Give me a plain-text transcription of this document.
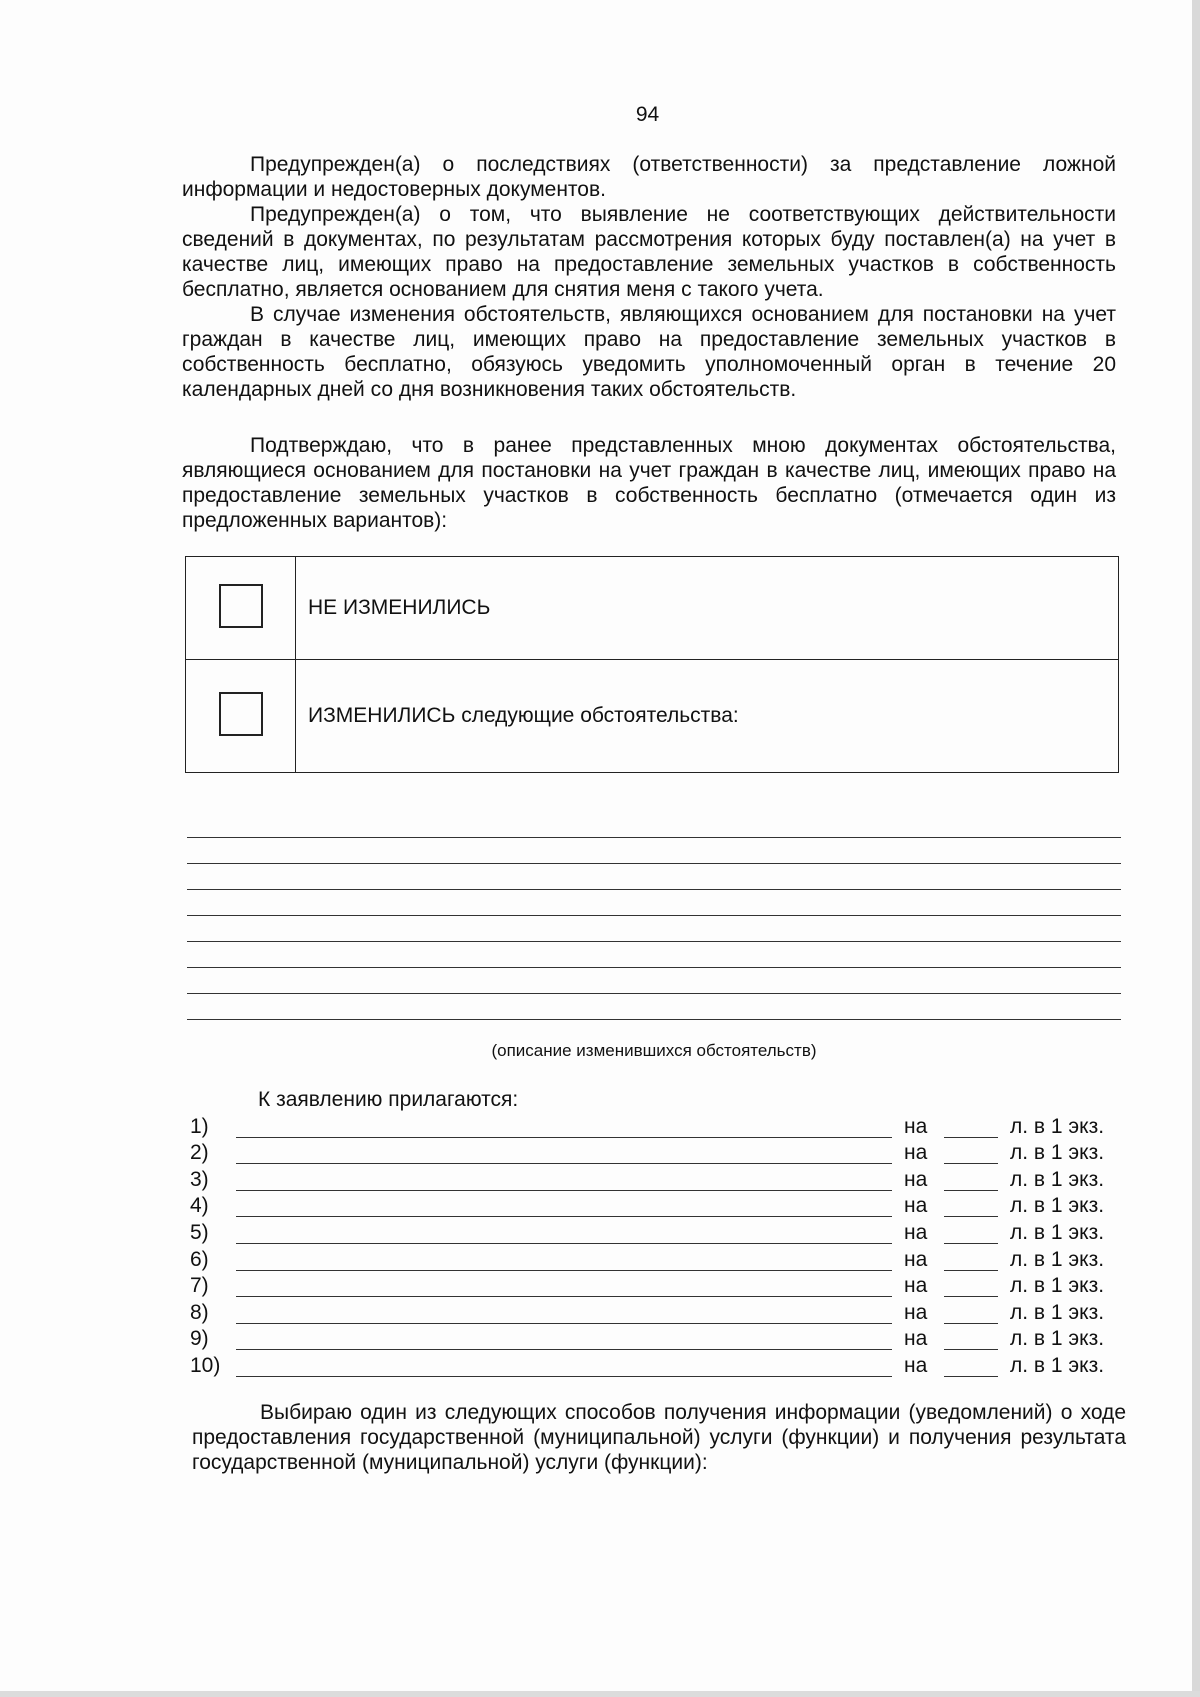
94

Предупрежден(а) о последствиях (ответственности) за представление ложной информации и недостоверных документов.

Предупрежден(а) о том, что выявление не соответствующих действительности сведений в документах, по результатам рассмотрения которых буду поставлен(а) на учет в качестве лиц, имеющих право на предоставление земельных участков в собственность бесплатно, является основанием для снятия меня с такого учета.

В случае изменения обстоятельств, являющихся основанием для постановки на учет граждан в качестве лиц, имеющих право на предоставление земельных участков в собственность бесплатно, обязуюсь уведомить уполномоченный орган в течение 20 календарных дней со дня возникновения таких обстоятельств.

Подтверждаю, что в ранее представленных мною документах обстоятельства, являющиеся основанием для постановки на учет граждан в качестве лиц, имеющих право на предоставление земельных участков в собственность бесплатно (отмечается один из предложенных вариантов):

	НЕ ИЗМЕНИЛИСЬ
	ИЗМЕНИЛИСЬ следующие обстоятельства:
(описание изменившихся обстоятельств)
К заявлению прилагаются:
1)	на	л. в 1 экз.
2)	на	л. в 1 экз.
3)	на	л. в 1 экз.
4)	на	л. в 1 экз.
5)	на	л. в 1 экз.
6)	на	л. в 1 экз.
7)	на	л. в 1 экз.
8)	на	л. в 1 экз.
9)	на	л. в 1 экз.
10)	на	л. в 1 экз.

Выбираю один из следующих способов получения информации (уведомлений) о ходе предоставления государственной (муниципальной) услуги (функции) и получения результата государственной (муниципальной) услуги (функции):
